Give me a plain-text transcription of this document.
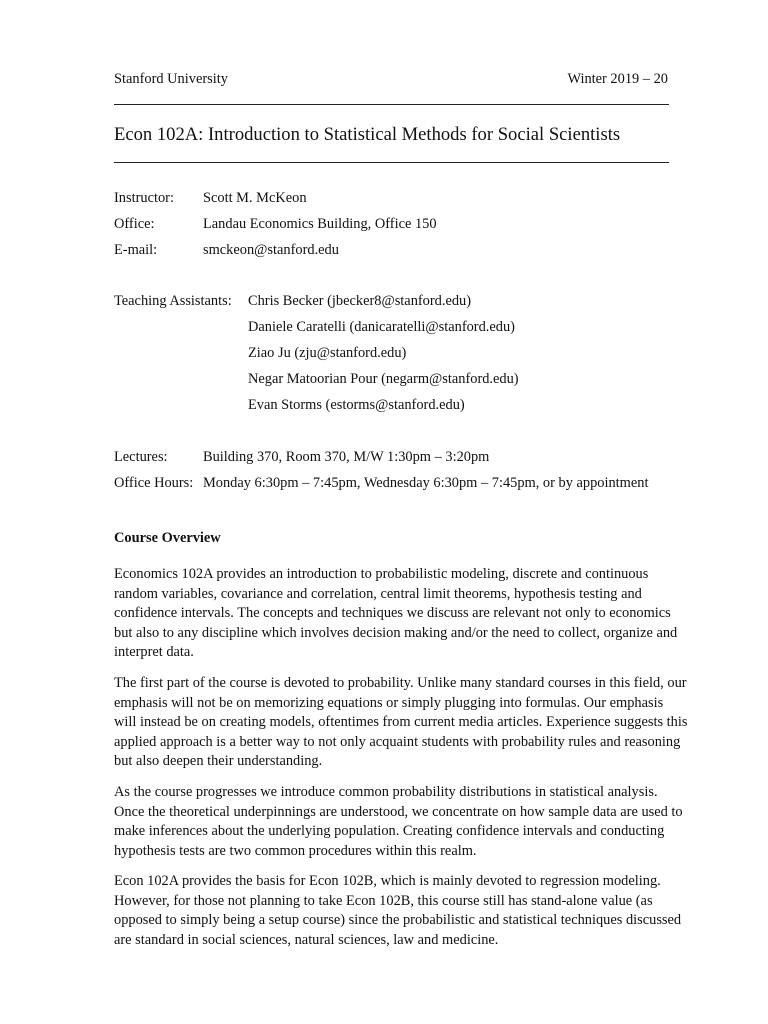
Stanford University	Winter 2019 – 20
Econ 102A: Introduction to Statistical Methods for Social Scientists
Instructor: Scott M. McKeon
Office:	Landau Economics Building, Office 150
E-mail:	smckeon@stanford.edu
Teaching Assistants: Chris Becker (jbecker8@stanford.edu)
Daniele Caratelli (danicaratelli@stanford.edu)
Ziao Ju (zju@stanford.edu)
Negar Matoorian Pour (negarm@stanford.edu)
Evan Storms (estorms@stanford.edu)
Lectures: Building 370, Room 370, M/W 1:30pm – 3:20pm
Office Hours: Monday 6:30pm – 7:45pm, Wednesday 6:30pm – 7:45pm, or by appointment
Course Overview

Economics 102A provides an introduction to probabilistic modeling, discrete and continuous random variables, covariance and correlation, central limit theorems, hypothesis testing and confidence intervals. The concepts and techniques we discuss are relevant not only to economics but also to any discipline which involves decision making and/or the need to collect, organize and interpret data.

The first part of the course is devoted to probability. Unlike many standard courses in this field, our emphasis will not be on memorizing equations or simply plugging into formulas. Our emphasis will instead be on creating models, oftentimes from current media articles. Experience suggests this applied approach is a better way to not only acquaint students with probability rules and reasoning but also deepen their understanding.

As the course progresses we introduce common probability distributions in statistical analysis. Once the theoretical underpinnings are understood, we concentrate on how sample data are used to make inferences about the underlying population. Creating confidence intervals and conducting hypothesis tests are two common procedures within this realm.

Econ 102A provides the basis for Econ 102B, which is mainly devoted to regression modeling. However, for those not planning to take Econ 102B, this course still has stand-alone value (as opposed to simply being a setup course) since the probabilistic and statistical techniques discussed are standard in social sciences, natural sciences, law and medicine.
